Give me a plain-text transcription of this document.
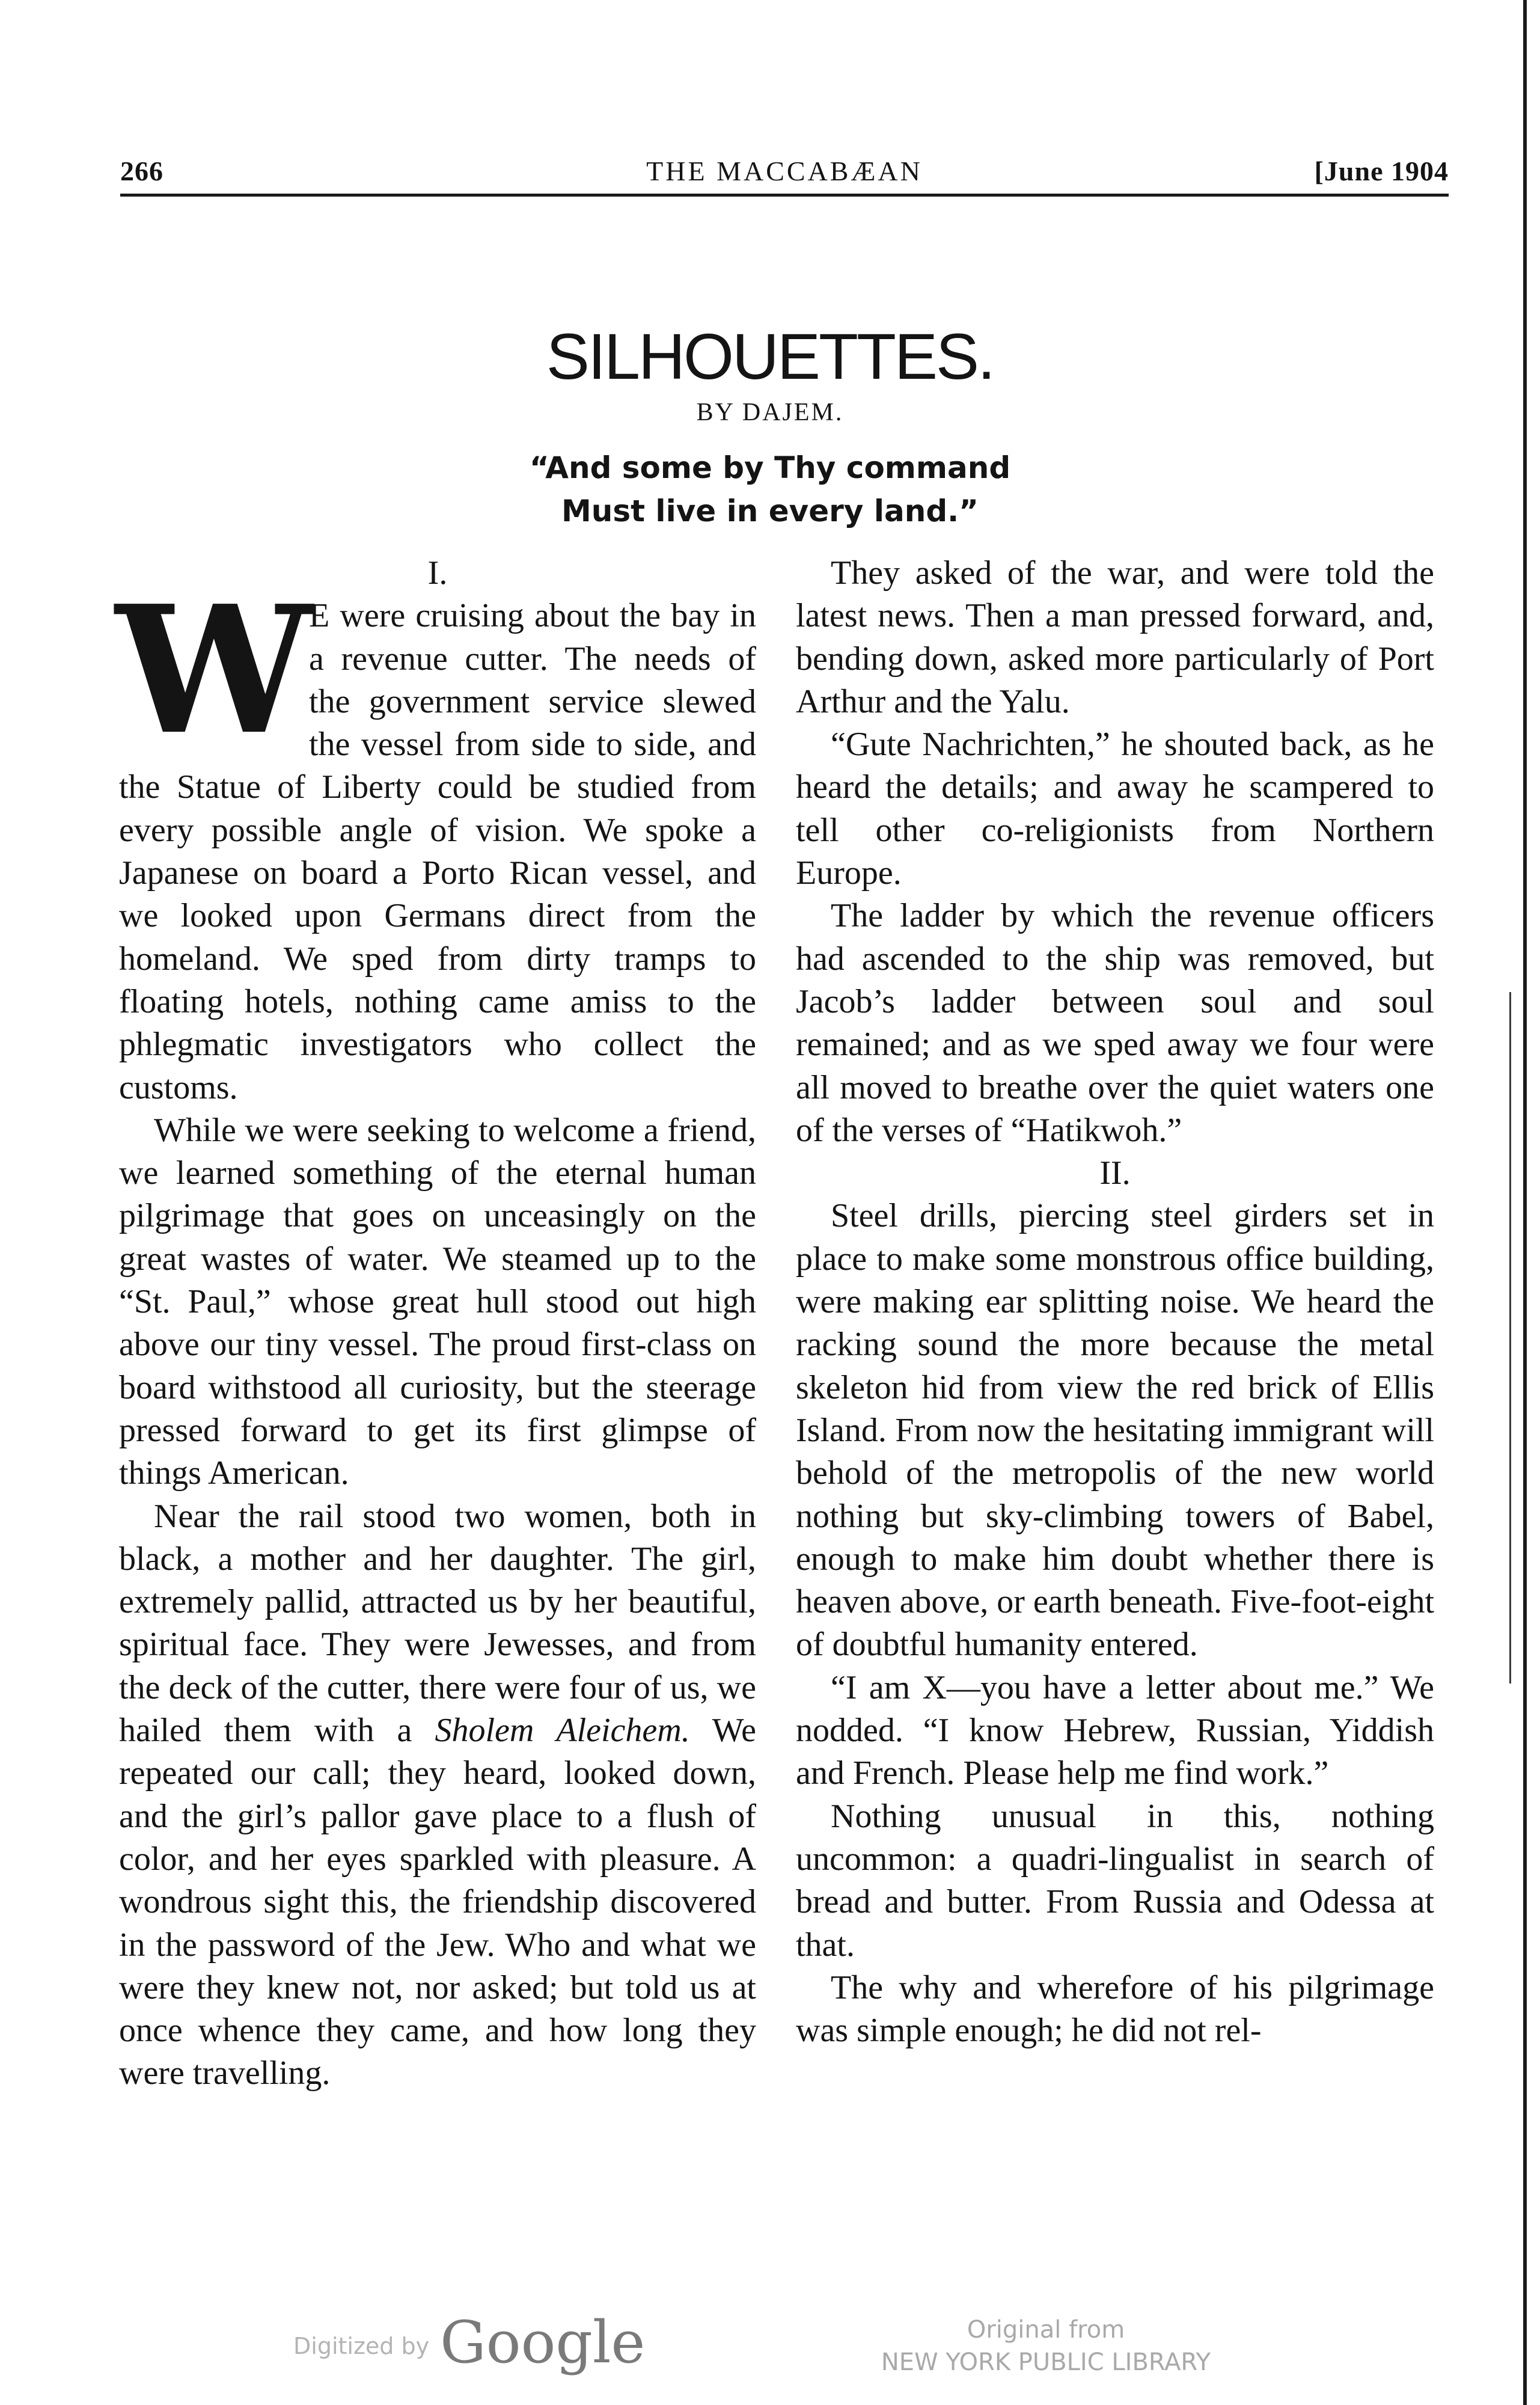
266	THE MACCABÆAN	[June 1904
SILHOUETTES.
BY DAJEM.
“And some by Thy command
Must live in every land.”

I.

W E were cruising about the bay in a revenue cutter. The needs of the government service slewed the vessel from side to side, and the Statue of Liberty could be studied from every possible angle of vision. We spoke a Japanese on board a Porto Rican vessel, and we looked upon Germans direct from the homeland. We sped from dirty tramps to floating hotels, nothing came amiss to the phlegmatic investigators who collect the customs.

While we were seeking to welcome a friend, we learned something of the eternal human pilgrimage that goes on unceasingly on the great wastes of water. We steamed up to the “St. Paul,” whose great hull stood out high above our tiny vessel. The proud first-class on board withstood all curiosity, but the steerage pressed forward to get its first glimpse of things American.

Near the rail stood two women, both in black, a mother and her daughter. The girl, extremely pallid, attracted us by her beautiful, spiritual face. They were Jewesses, and from the deck of the cutter, there were four of us, we hailed them with a Sholem Aleichem. We repeated our call; they heard, looked down, and the girl’s pallor gave place to a flush of color, and her eyes sparkled with pleasure. A wondrous sight this, the friendship discovered in the password of the Jew. Who and what we were they knew not, nor asked; but told us at once whence they came, and how long they were travelling.

They asked of the war, and were told the latest news. Then a man pressed forward, and, bending down, asked more particularly of Port Arthur and the Yalu.

“Gute Nachrichten,” he shouted back, as he heard the details; and away he scampered to tell other co-religionists from Northern Europe.

The ladder by which the revenue officers had ascended to the ship was removed, but Jacob’s ladder between soul and soul remained; and as we sped away we four were all moved to breathe over the quiet waters one of the verses of “Hatikwoh.”

II.

Steel drills, piercing steel girders set in place to make some monstrous office building, were making ear splitting noise. We heard the racking sound the more because the metal skeleton hid from view the red brick of Ellis Island. From now the hesitating immigrant will behold of the metropolis of the new world nothing but sky-climbing towers of Babel, enough to make him doubt whether there is heaven above, or earth beneath. Five-foot-eight of doubtful humanity entered.

“I am X—you have a letter about me.” We nodded. “I know Hebrew, Russian, Yiddish and French. Please help me find work.”

Nothing unusual in this, nothing uncommon: a quadri-lingualist in search of bread and butter. From Russia and Odessa at that.

The why and wherefore of his pilgrimage was simple enough; he did not rel-

Digitized by Google	Original from
NEW YORK PUBLIC LIBRARY
